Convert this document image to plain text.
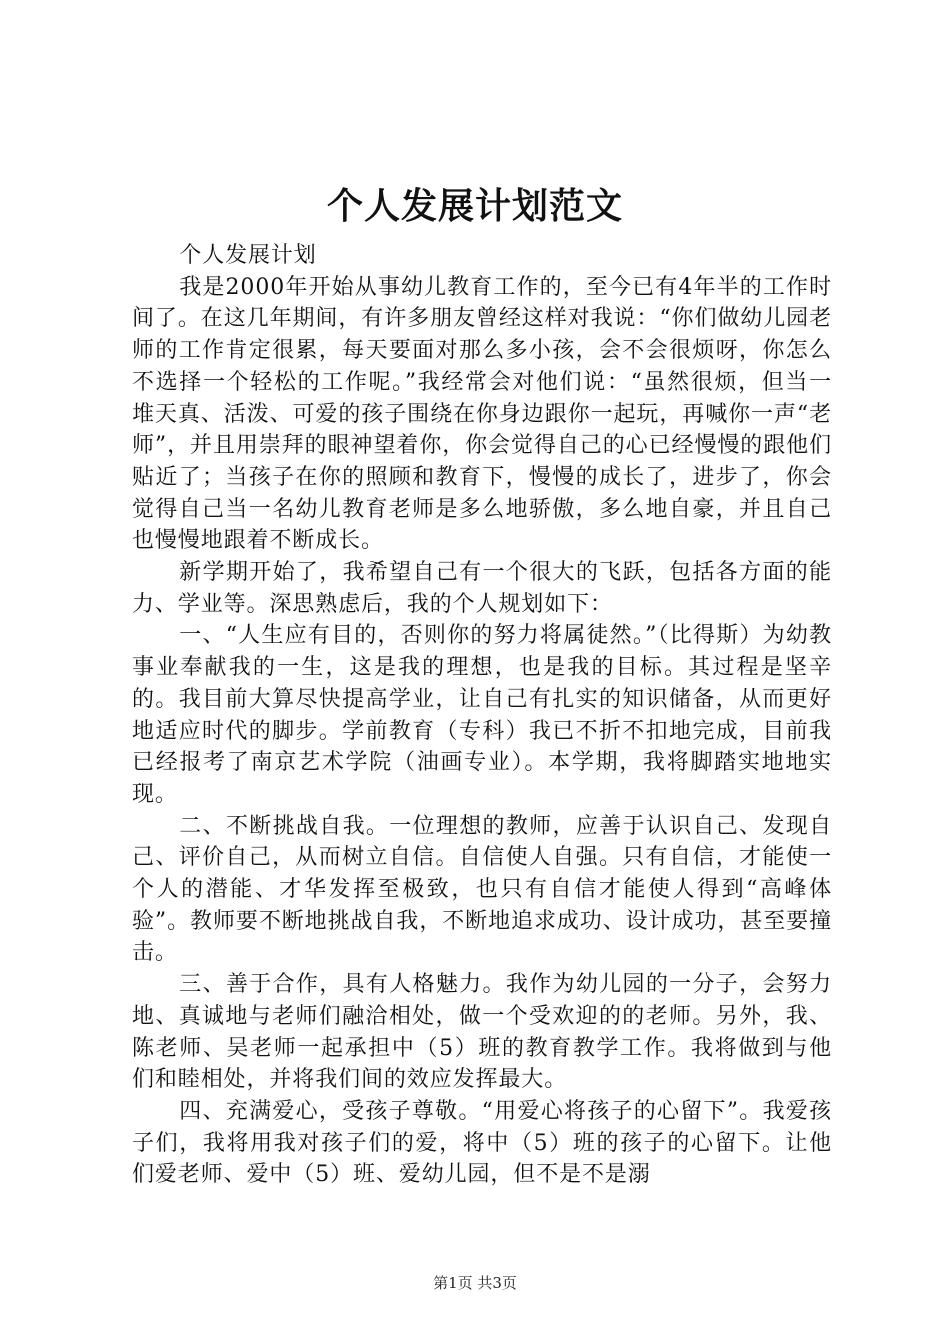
个人发展计划范文

个人发展计划

我是2000年开始从事幼儿教育工作的，至今已有4年半的工作时间了。在这几年期间，有许多朋友曾经这样对我说：“你们做幼儿园老师的工作肯定很累，每天要面对那么多小孩，会不会很烦呀，你怎么不选择一个轻松的工作呢。”我经常会对他们说：“虽然很烦，但当一堆天真、活泼、可爱的孩子围绕在你身边跟你一起玩，再喊你一声“老师”，并且用崇拜的眼神望着你，你会觉得自己的心已经慢慢的跟他们贴近了；当孩子在你的照顾和教育下，慢慢的成长了，进步了，你会觉得自己当一名幼儿教育老师是多么地骄傲，多么地自豪，并且自己也慢慢地跟着不断成长。

新学期开始了，我希望自己有一个很大的飞跃，包括各方面的能力、学业等。深思熟虑后，我的个人规划如下：

一、“人生应有目的，否则你的努力将属徒然。”（比得斯）为幼教事业奉献我的一生，这是我的理想，也是我的目标。其过程是坚辛的。我目前大算尽快提高学业，让自己有扎实的知识储备，从而更好地适应时代的脚步。学前教育（专科）我已不折不扣地完成，目前我已经报考了南京艺术学院（油画专业）。本学期，我将脚踏实地地实现。

二、不断挑战自我。一位理想的教师，应善于认识自己、发现自己、评价自己，从而树立自信。自信使人自强。只有自信，才能使一个人的潜能、才华发挥至极致，也只有自信才能使人得到“高峰体验”。教师要不断地挑战自我，不断地追求成功、设计成功，甚至要撞击。

三、善于合作，具有人格魅力。我作为幼儿园的一分子，会努力地、真诚地与老师们融洽相处，做一个受欢迎的的老师。另外，我、陈老师、吴老师一起承担中（5）班的教育教学工作。我将做到与他们和睦相处，并将我们间的效应发挥最大。

四、充满爱心，受孩子尊敬。“用爱心将孩子的心留下”。我爱孩子们，我将用我对孩子们的爱，将中（5）班的孩子的心留下。让他们爱老师、爱中（5）班、爱幼儿园，但不是不是溺

第1页 共3页
